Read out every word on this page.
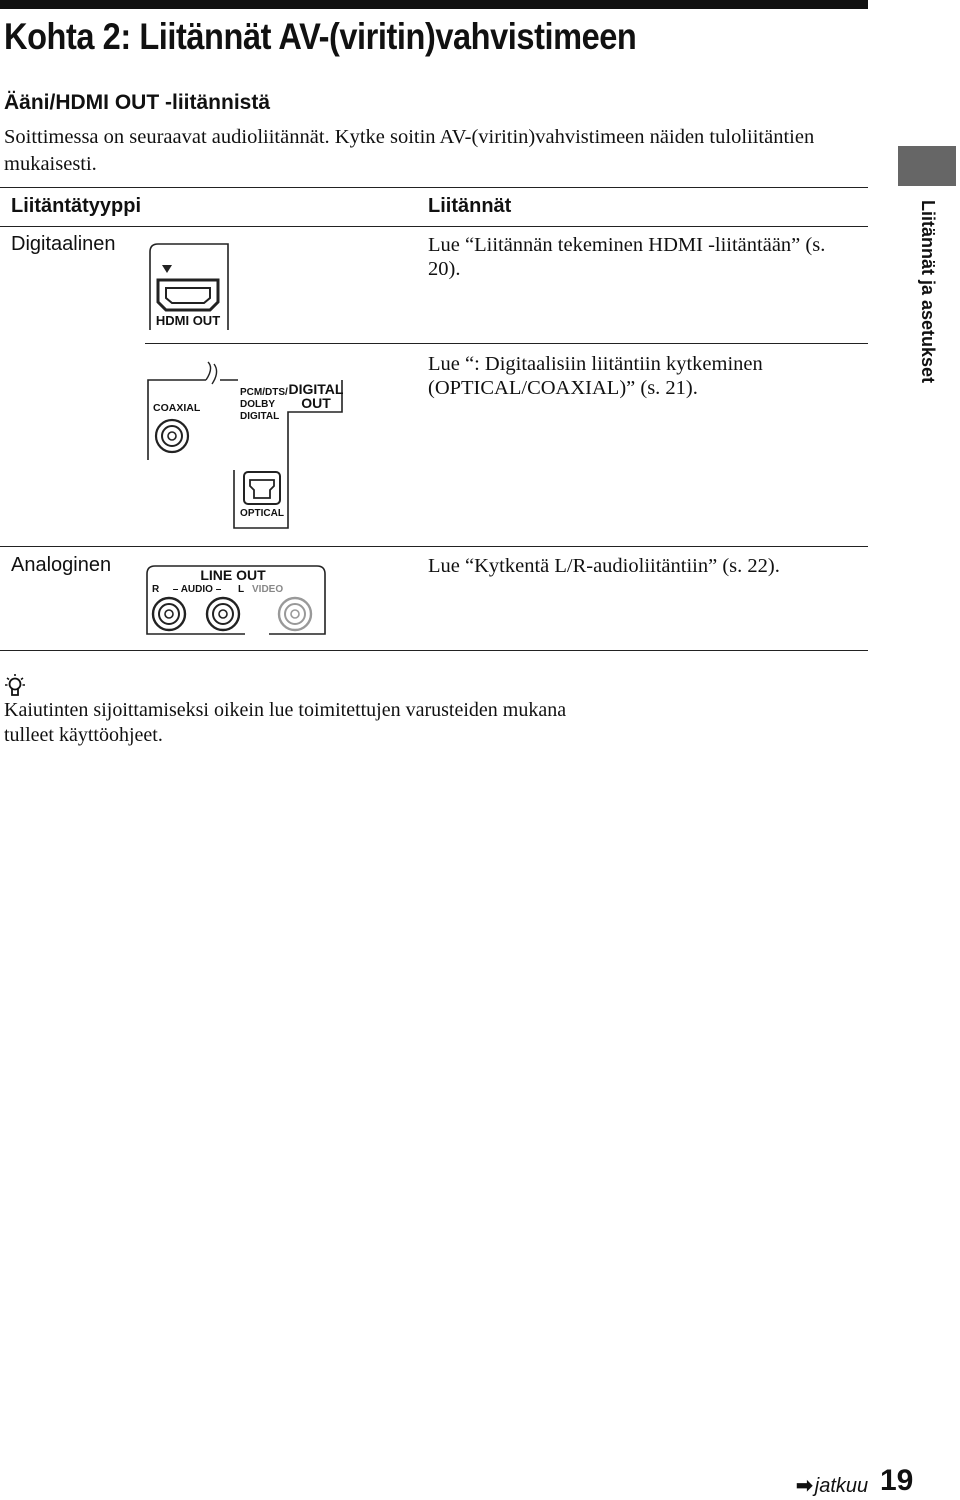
Kohta 2: Liitännät AV-(viritin)vahvistimeen
Ääni/HDMI OUT -liitännistä

Soittimessa on seuraavat audioliitännät. Kytke soitin AV-(viritin)vahvistimeen näiden tuloliitäntien mukaisesti.

Liitäntätyyppi	Liitännät
Digitaalinen
Analoginen

Lue “Liitännän tekeminen HDMI -liitäntään” (s. 20).

Lue “: Digitaalisiin liitäntiin kytkeminen (OPTICAL/COAXIAL)” (s. 21).

Lue “Kytkentä L/R-audioliitäntiin” (s. 22).

HDMI OUT
COAXIAL
PCM/DTS/
DOLBY
DIGITAL
DIGITAL
OUT
OPTICAL
LINE OUT
R – AUDIO – L VIDEO
Liitännät ja asetukset

Kaiutinten sijoittamiseksi oikein lue toimitettujen varusteiden mukana tulleet käyttöohjeet.

➡ jatkuu 19
